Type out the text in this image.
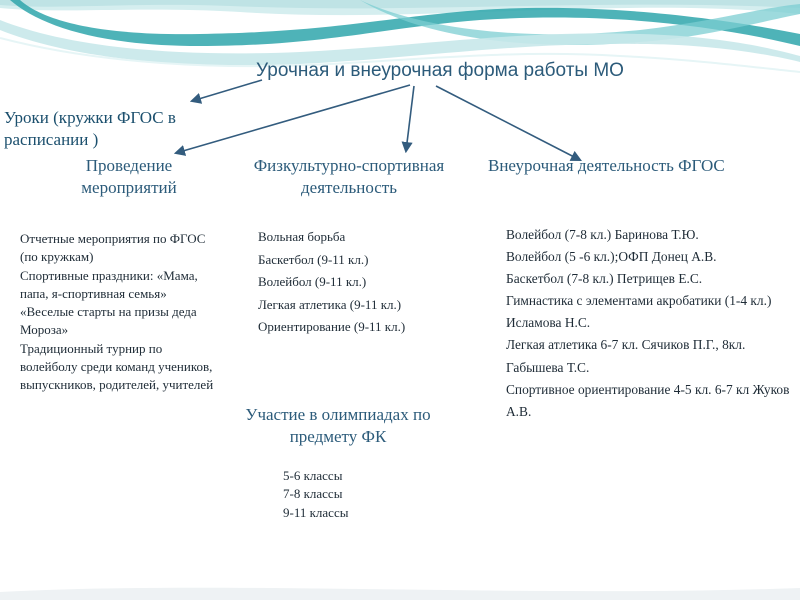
Урочная и внеурочная форма работы МО
Уроки (кружки ФГОС в расписании )
Проведение мероприятий
Физкультурно-спортивная деятельность
Внеурочная деятельность ФГОС
Отчетные мероприятия по ФГОС (по кружкам)
Спортивные праздники: «Мама, папа, я-спортивная семья»
«Веселые старты на призы деда Мороза»
Традиционный турнир по волейболу среди команд учеников, выпускников, родителей, учителей
Вольная борьба
Баскетбол (9-11 кл.)
Волейбол (9-11 кл.)
Легкая атлетика (9-11 кл.)
Ориентирование (9-11 кл.)
Волейбол (7-8 кл.) Баринова Т.Ю.
Волейбол (5 -6 кл.);ОФП Донец А.В.
Баскетбол (7-8 кл.) Петрищев Е.С.
Гимнастика с элементами акробатики (1-4 кл.) Исламова Н.С.
Легкая атлетика 6-7 кл. Сячиков П.Г., 8кл. Габышева Т.С.
Спортивное ориентирование 4-5 кл. 6-7 кл Жуков А.В.
Участие в олимпиадах по предмету ФК
5-6 классы
7-8 классы
9-11 классы
